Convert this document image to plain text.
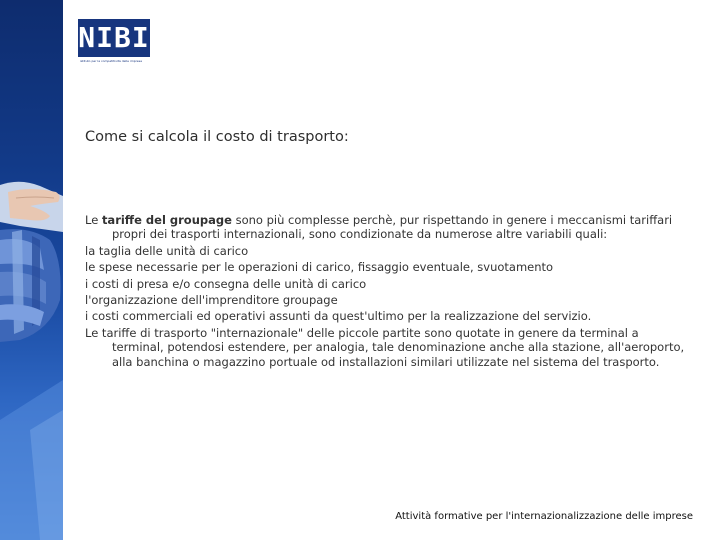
NIBI
istituto per la competitività delle imprese
Come si calcola il costo di trasporto:

Le tariffe del groupage sono più complesse perchè, pur rispettando in genere i meccanismi tariffari propri dei trasporti internazionali, sono condizionate da numerose altre variabili quali:

la taglia delle unità di carico

le spese necessarie per le operazioni di carico, fissaggio eventuale, svuotamento

i costi di presa e/o consegna delle unità di carico

l'organizzazione dell'imprenditore groupage

i costi commerciali ed operativi assunti da quest'ultimo per la realizzazione del servizio.

Le tariffe di trasporto "internazionale" delle piccole partite sono quotate in genere da terminal a terminal, potendosi estendere, per analogia, tale denominazione anche alla stazione, all'aeroporto, alla banchina o magazzino portuale od installazioni similari utilizzate nel sistema del trasporto.

Attività formative per l'internazionalizzazione delle imprese
